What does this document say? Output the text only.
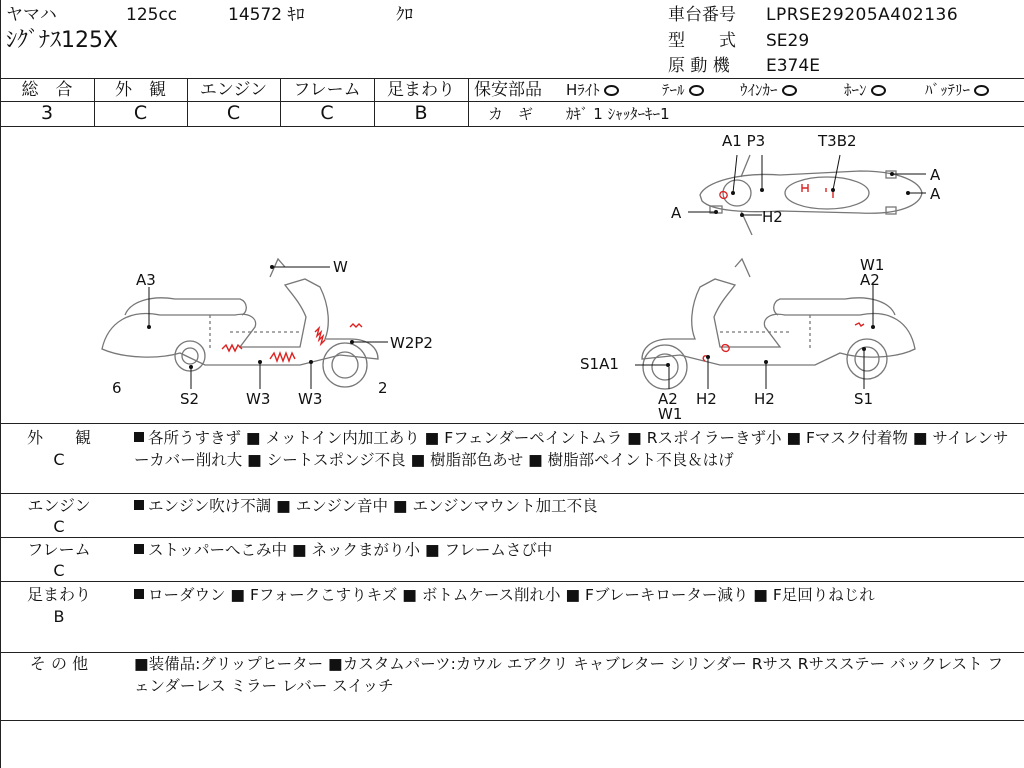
ヤマハ	125cc	14572 ｷﾛ	ｸﾛ
ｼｸﾞﾅｽ125X
車台番号 LPRSE29205A402136
型　　式 SE29
原 動 機 E374E
総　合	外　観	エンジン	フレーム	足まわり
3	C	C	C	B
保安部品 Hﾗｲﾄ	ﾃｰﾙ	ｳｲﾝｶｰ	ﾎｰﾝ	ﾊﾞｯﾃﾘｰ
カ　ギ ｶｷﾞ 1 ｼｬｯﾀｰｷｰ1
A1 P3	T3B2
A
A
A	H2
W
A3
W2P2
6	2
S2	W3 W3
W1
A2
S1A1
A2
W1
H2 H2	S1
外　　観
C
各所うすきず ■ メットイン内加工あり ■ Fフェンダーペイントムラ ■ Rスポイラーきず小 ■ Fマスク付着物 ■ サイレンサーカバー削れ大 ■ シートスポンジ不良 ■ 樹脂部色あせ ■ 樹脂部ペイント不良＆はげ
エンジン
C
エンジン吹け不調 ■ エンジン音中 ■ エンジンマウント加工不良
フレーム
C
ストッパーへこみ中 ■ ネックまがり小 ■ フレームさび中
足まわり
B
ローダウン ■ Fフォークこすりキズ ■ ボトムケース削れ小 ■ Fブレーキローター減り ■ F足回りねじれ
そ の 他	■装備品:グリップヒーター ■カスタムパーツ:カウル エアクリ キャブレター シリンダー Rサス Rサスステー バックレスト フェンダーレス ミラー レバー スイッチ
